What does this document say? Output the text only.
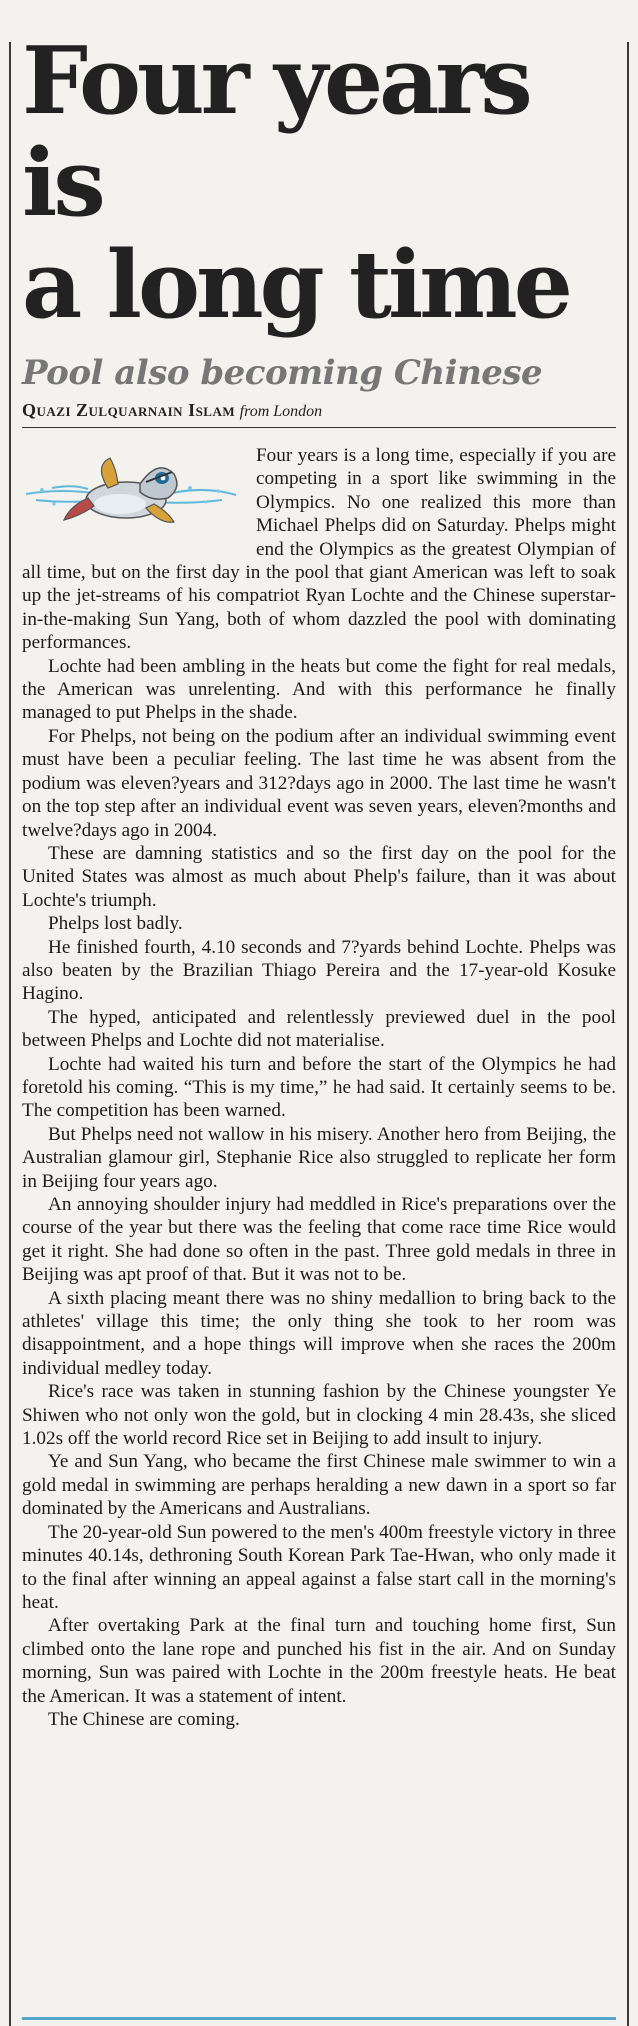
Four years is
a long time
Pool also becoming Chinese
Quazi Zulquarnain Islam from London

Four years is a long time, especially if you are competing in a sport like swimming in the Olympics. No one realized this more than Michael Phelps did on Saturday. Phelps might end the Olympics as the greatest Olympian of all time, but on the first day in the pool that giant American was left to soak up the jet-streams of his compatriot Ryan Lochte and the Chinese superstar-in-the-making Sun Yang, both of whom dazzled the pool with dominating performances.

Lochte had been ambling in the heats but come the fight for real medals, the American was unrelenting. And with this performance he finally managed to put Phelps in the shade.

For Phelps, not being on the podium after an individual swimming event must have been a peculiar feeling. The last time he was absent from the podium was eleven?years and 312?days ago in 2000. The last time he wasn't on the top step after an individual event was seven years, eleven?months and twelve?days ago in 2004.

These are damning statistics and so the first day on the pool for the United States was almost as much about Phelp's failure, than it was about Lochte's triumph.

Phelps lost badly.

He finished fourth, 4.10 seconds and 7?yards behind Lochte. Phelps was also beaten by the Brazilian Thiago Pereira and the 17-year-old Kosuke Hagino.

The hyped, anticipated and relentlessly previewed duel in the pool between Phelps and Lochte did not materialise.

Lochte had waited his turn and before the start of the Olympics he had foretold his coming. “This is my time,” he had said. It certainly seems to be. The competition has been warned.

But Phelps need not wallow in his misery. Another hero from Beijing, the Australian glamour girl, Stephanie Rice also struggled to replicate her form in Beijing four years ago.

An annoying shoulder injury had meddled in Rice's preparations over the course of the year but there was the feeling that come race time Rice would get it right. She had done so often in the past. Three gold medals in three in Beijing was apt proof of that. But it was not to be.

A sixth placing meant there was no shiny medallion to bring back to the athletes' village this time; the only thing she took to her room was disappointment, and a hope things will improve when she races the 200m individual medley today.

Rice's race was taken in stunning fashion by the Chinese youngster Ye Shiwen who not only won the gold, but in clocking 4 min 28.43s, she sliced 1.02s off the world record Rice set in Beijing to add insult to injury.

Ye and Sun Yang, who became the first Chinese male swimmer to win a gold medal in swimming are perhaps heralding a new dawn in a sport so far dominated by the Americans and Australians.

The 20-year-old Sun powered to the men's 400m freestyle victory in three minutes 40.14s, dethroning South Korean Park Tae-Hwan, who only made it to the final after winning an appeal against a false start call in the morning's heat.

After overtaking Park at the final turn and touching home first, Sun climbed onto the lane rope and punched his fist in the air. And on Sunday morning, Sun was paired with Lochte in the 200m freestyle heats. He beat the American. It was a statement of intent.

The Chinese are coming.
